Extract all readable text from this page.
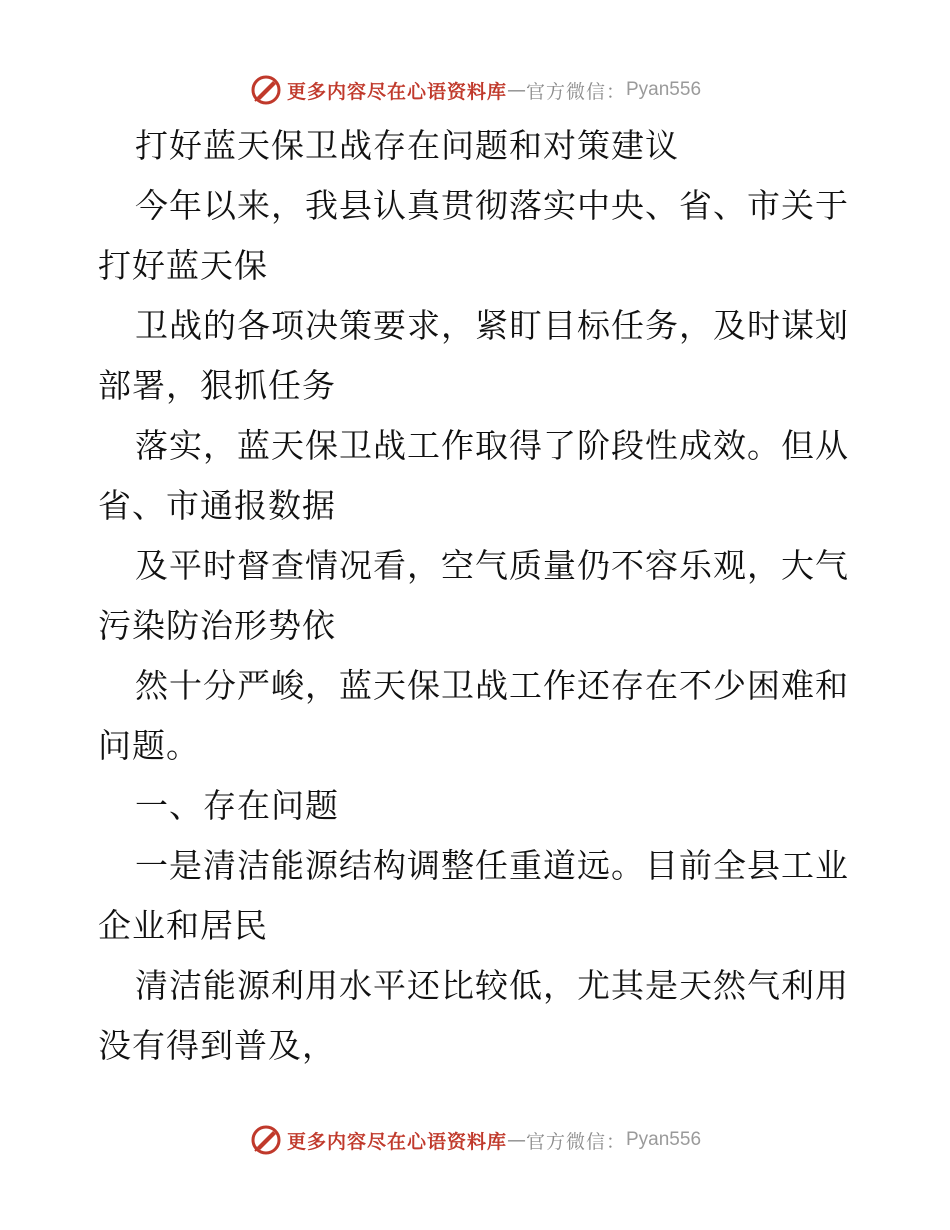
更多内容尽在心语资料库 — 官方微信： Pyan556

打好蓝天保卫战存在问题和对策建议

今年以来，我县认真贯彻落实中央、省、市关于打好蓝天保

卫战的各项决策要求，紧盯目标任务，及时谋划部署，狠抓任务

落实，蓝天保卫战工作取得了阶段性成效。但从省、市通报数据

及平时督查情况看，空气质量仍不容乐观，大气污染防治形势依

然十分严峻，蓝天保卫战工作还存在不少困难和问题。

一、存在问题

一是清洁能源结构调整任重道远。目前全县工业企业和居民

清洁能源利用水平还比较低，尤其是天然气利用没有得到普及，

更多内容尽在心语资料库 — 官方微信： Pyan556
